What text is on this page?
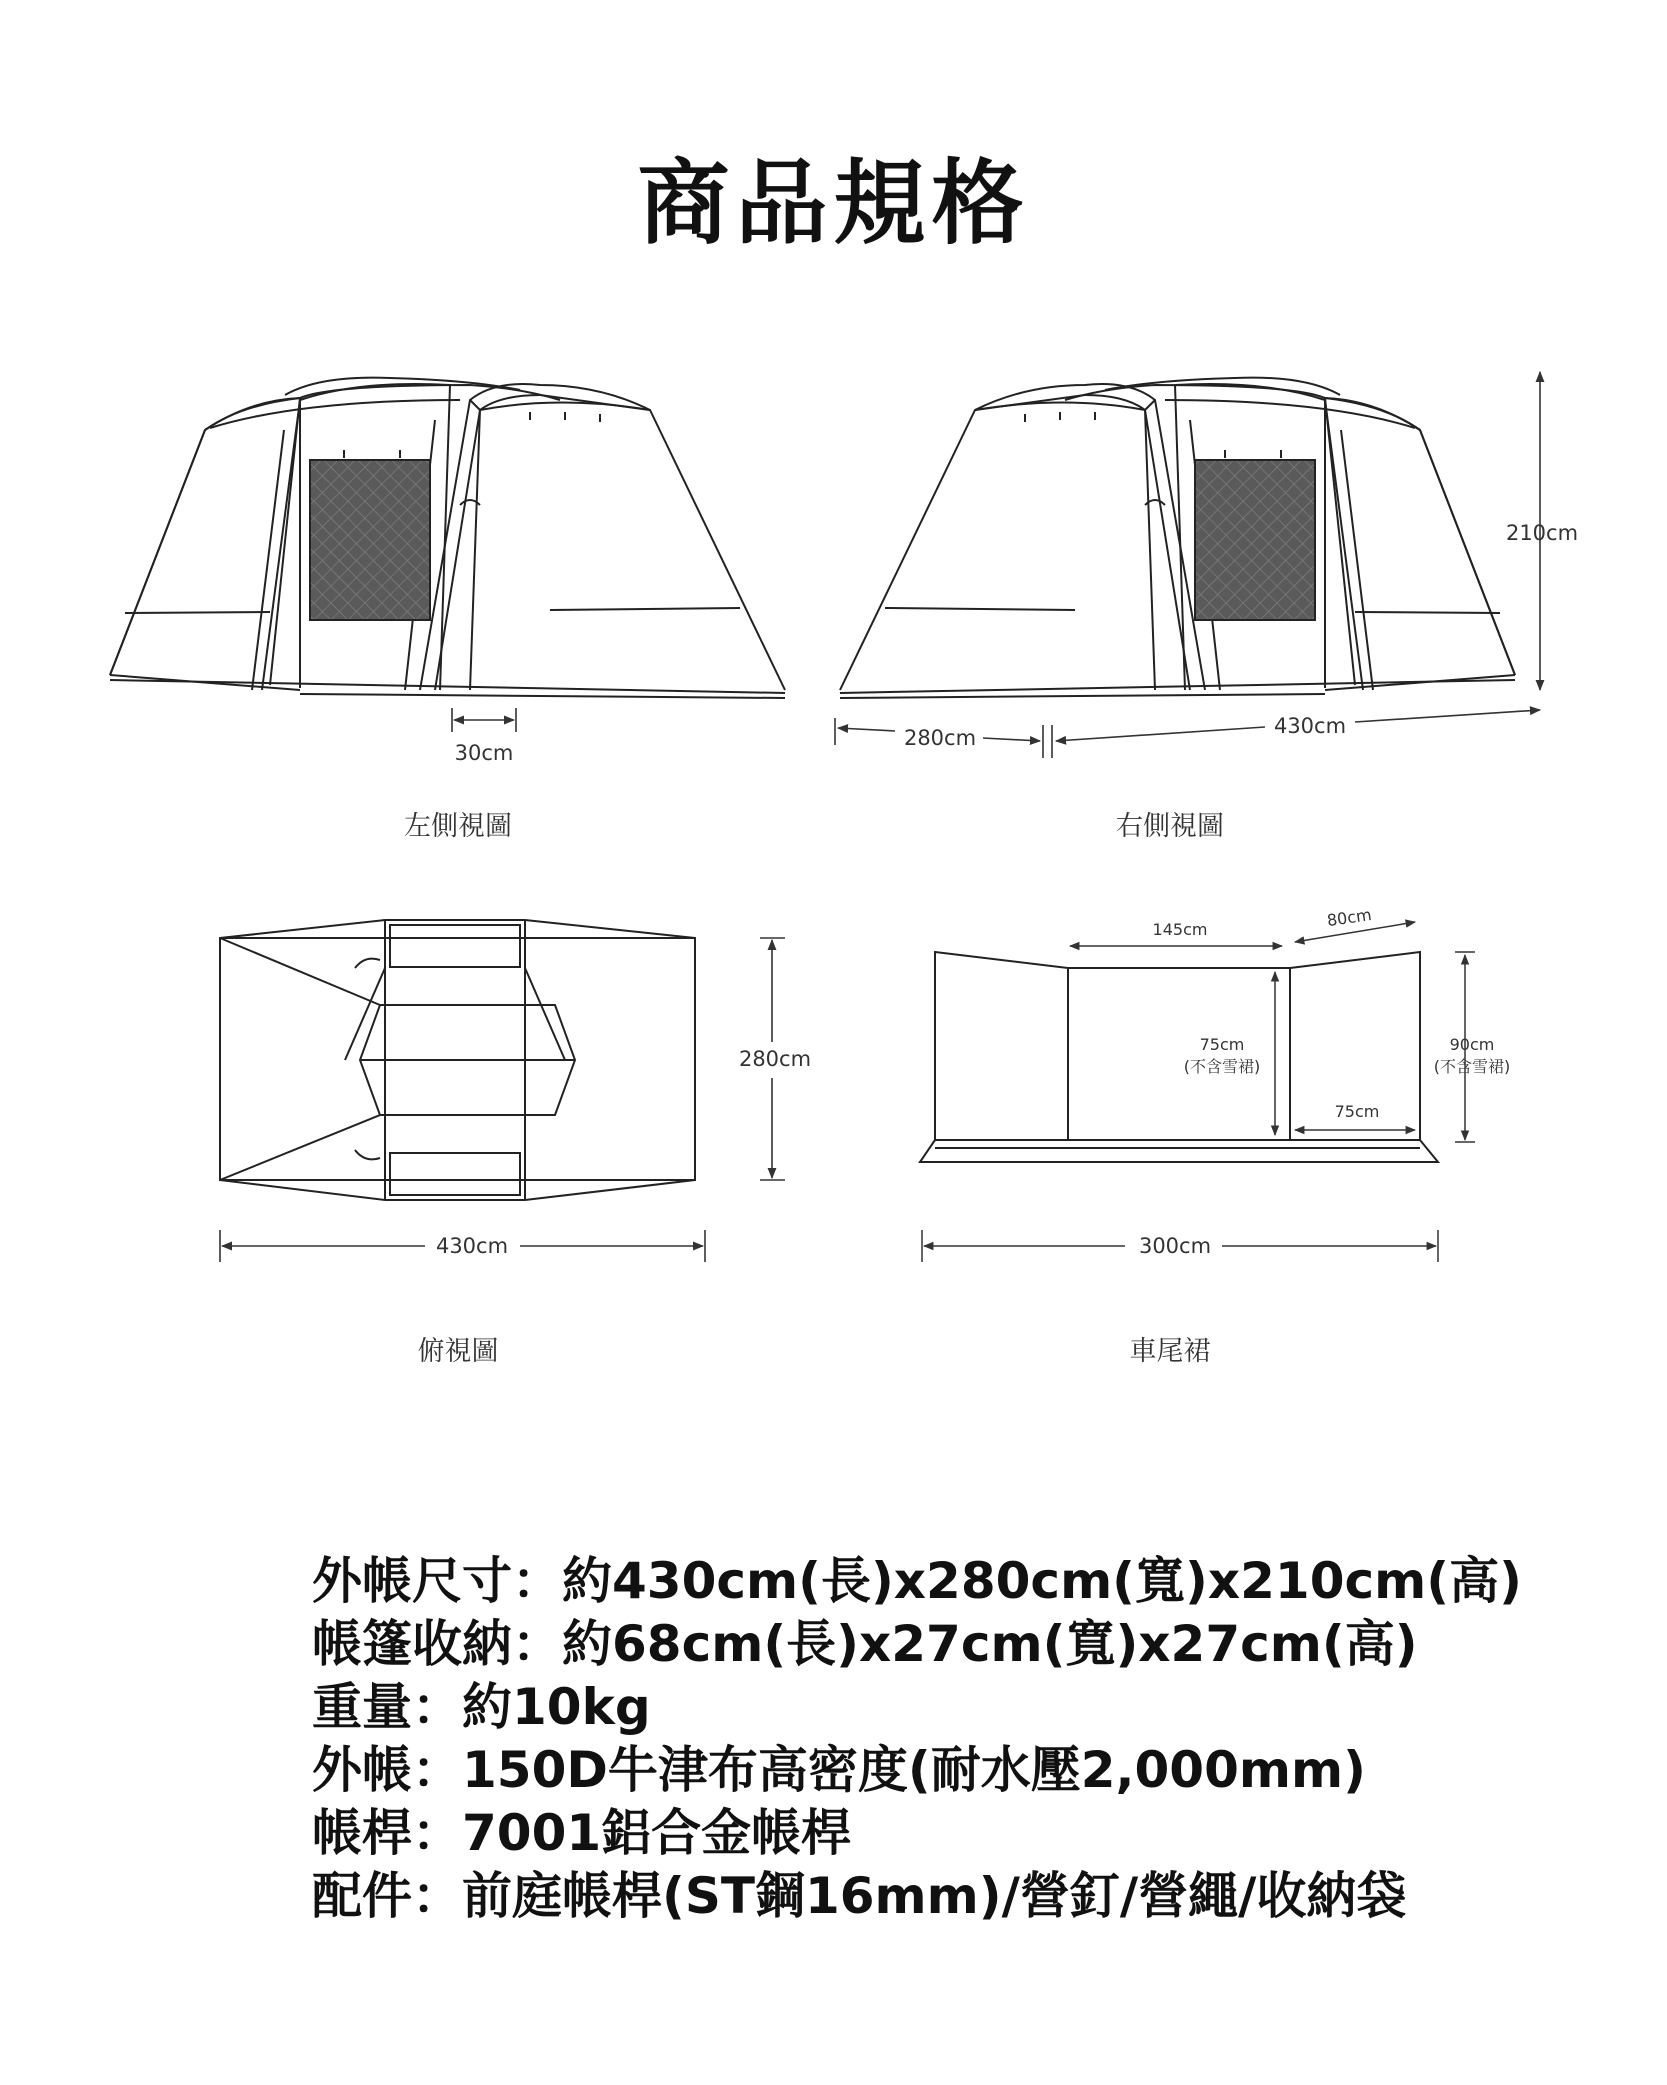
商品規格
30cm
左側視圖
280cm	430cm
210cm
右側視圖
280cm
430cm
俯視圖
145cm	80cm
75cm
(不含雪裙)
90cm
(不含雪裙)
75cm
300cm
車尾裙
外帳尺寸：約430cm(長)x280cm(寬)x210cm(高)
帳篷收納：約68cm(長)x27cm(寬)x27cm(高)
重量：約10kg
外帳：150D牛津布高密度(耐水壓2,000mm)
帳桿：7001鋁合金帳桿
配件：前庭帳桿(ST鋼16mm)/營釘/營繩/收納袋
